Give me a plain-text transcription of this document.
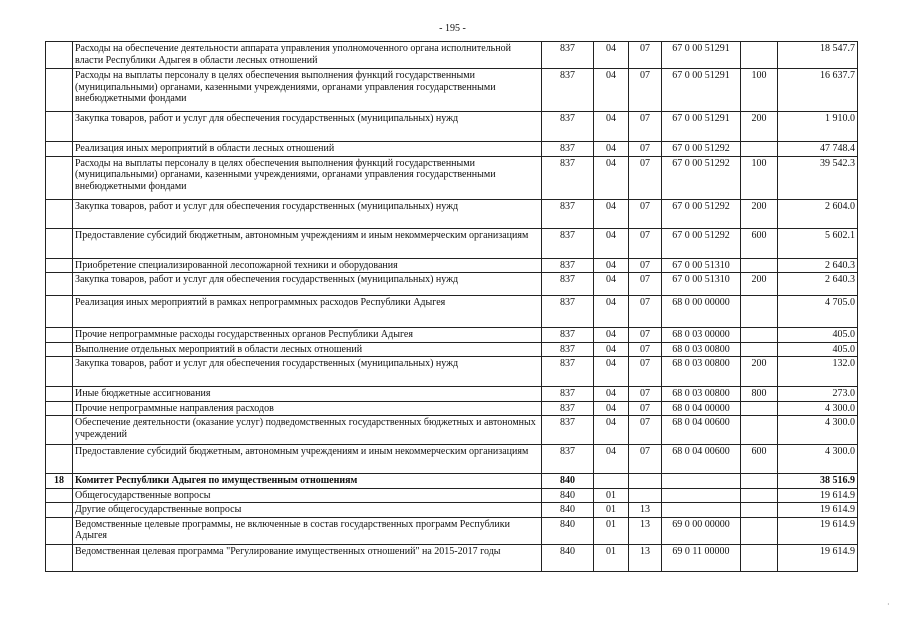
- 195 -
	Расходы на обеспечение деятельности аппарата управления уполномоченного органа исполнительной власти Республики Адыгея в области лесных отношений	837	04	07	67 0 00 51291		18 547.7
	Расходы на выплаты персоналу в целях обеспечения выполнения функций государственными (муниципальными) органами, казенными учреждениями, органами управления государственными внебюджетными фондами	837	04	07	67 0 00 51291	100	16 637.7
	Закупка товаров, работ и услуг для обеспечения государственных (муниципальных) нужд	837	04	07	67 0 00 51291	200	1 910.0
	Реализация иных мероприятий в области лесных отношений	837	04	07	67 0 00 51292		47 748.4
	Расходы на выплаты персоналу в целях обеспечения выполнения функций государственными (муниципальными) органами, казенными учреждениями, органами управления государственными внебюджетными фондами	837	04	07	67 0 00 51292	100	39 542.3
	Закупка товаров, работ и услуг для обеспечения государственных (муниципальных) нужд	837	04	07	67 0 00 51292	200	2 604.0
	Предоставление субсидий бюджетным, автономным учреждениям и иным некоммерческим организациям	837	04	07	67 0 00 51292	600	5 602.1
	Приобретение специализированной лесопожарной техники и оборудования	837	04	07	67 0 00 51310		2 640.3
	Закупка товаров, работ и услуг для обеспечения государственных (муниципальных) нужд	837	04	07	67 0 00 51310	200	2 640.3
	Реализация иных мероприятий в рамках непрограммных расходов Республики Адыгея	837	04	07	68 0 00 00000		4 705.0
	Прочие непрограммные расходы государственных органов Республики Адыгея	837	04	07	68 0 03 00000		405.0
	Выполнение отдельных мероприятий в области лесных отношений	837	04	07	68 0 03 00800		405.0
	Закупка товаров, работ и услуг для обеспечения государственных (муниципальных) нужд	837	04	07	68 0 03 00800	200	132.0
	Иные бюджетные ассигнования	837	04	07	68 0 03 00800	800	273.0
	Прочие непрограммные направления расходов	837	04	07	68 0 04 00000		4 300.0
	Обеспечение деятельности (оказание услуг) подведомственных государственных бюджетных и автономных учреждений	837	04	07	68 0 04 00600		4 300.0
	Предоставление субсидий бюджетным, автономным учреждениям и иным некоммерческим организациям	837	04	07	68 0 04 00600	600	4 300.0
18	Комитет Республики Адыгея по имущественным отношениям	840					38 516.9
	Общегосударственные вопросы	840	01				19 614.9
	Другие общегосударственные вопросы	840	01	13			19 614.9
	Ведомственные целевые программы, не включенные в состав государственных программ Республики Адыгея	840	01	13	69 0 00 00000		19 614.9
	Ведомственная целевая программа "Регулирование имущественных отношений" на 2015-2017 годы	840	01	13	69 0 11 00000		19 614.9
·
